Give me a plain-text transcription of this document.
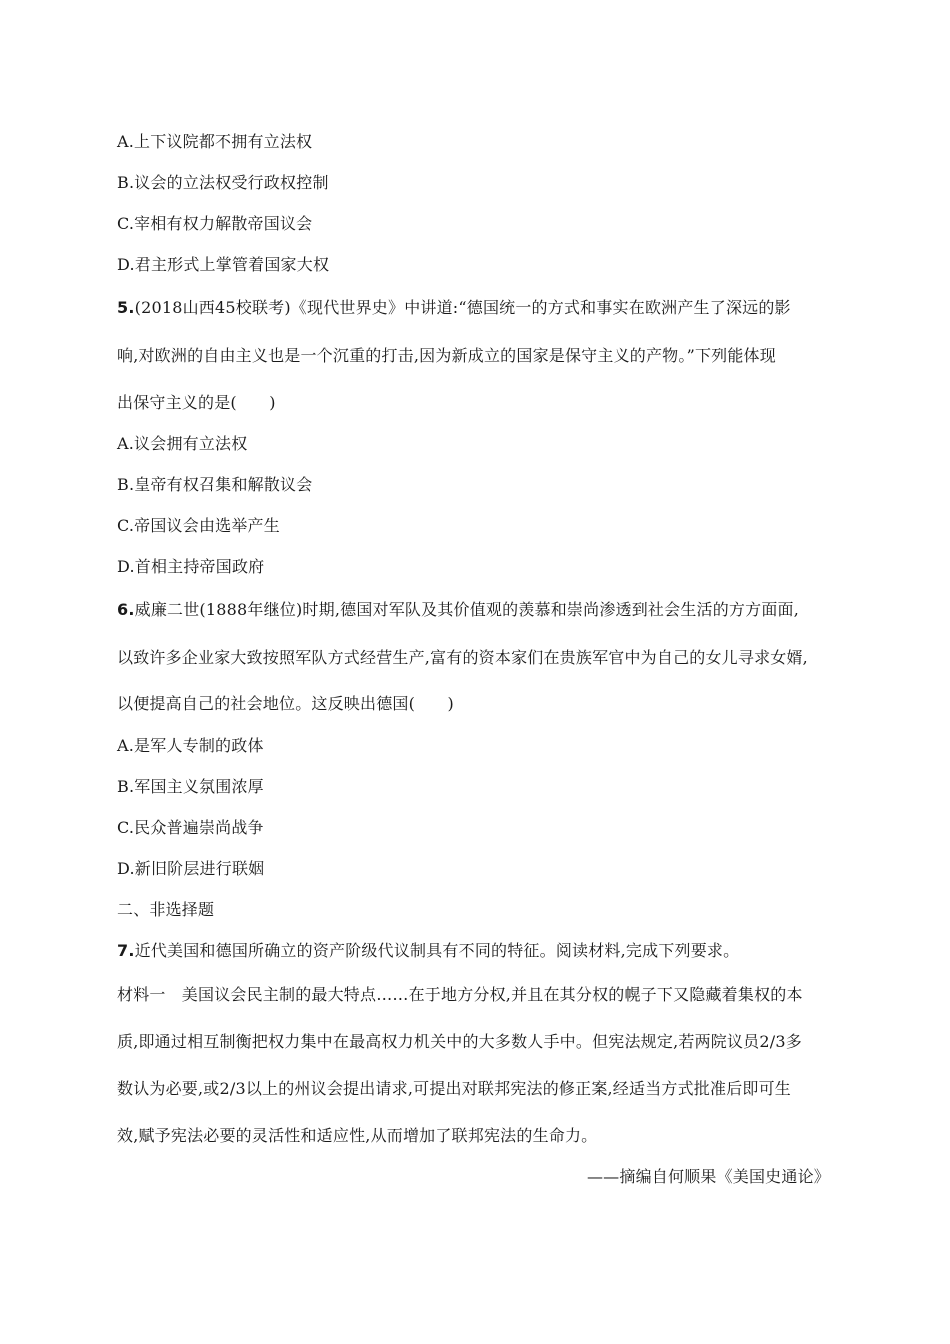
A.上下议院都不拥有立法权
B.议会的立法权受行政权控制
C.宰相有权力解散帝国议会
D.君主形式上掌管着国家大权
5.(2018山西45校联考)《现代世界史》中讲道:“德国统一的方式和事实在欧洲产生了深远的影
响,对欧洲的自由主义也是一个沉重的打击,因为新成立的国家是保守主义的产物。”下列能体现
出保守主义的是(　　)
A.议会拥有立法权
B.皇帝有权召集和解散议会
C.帝国议会由选举产生
D.首相主持帝国政府
6.威廉二世(1888年继位)时期,德国对军队及其价值观的羡慕和崇尚渗透到社会生活的方方面面,
以致许多企业家大致按照军队方式经营生产,富有的资本家们在贵族军官中为自己的女儿寻求女婿,
以便提高自己的社会地位。这反映出德国(　　)
A.是军人专制的政体
B.军国主义氛围浓厚
C.民众普遍崇尚战争
D.新旧阶层进行联姻
二、非选择题
7.近代美国和德国所确立的资产阶级代议制具有不同的特征。阅读材料,完成下列要求。
材料一　美国议会民主制的最大特点……在于地方分权,并且在其分权的幌子下又隐藏着集权的本
质,即通过相互制衡把权力集中在最高权力机关中的大多数人手中。但宪法规定,若两院议员2/3多
数认为必要,或2/3以上的州议会提出请求,可提出对联邦宪法的修正案,经适当方式批准后即可生
效,赋予宪法必要的灵活性和适应性,从而增加了联邦宪法的生命力。
——摘编自何顺果《美国史通论》
